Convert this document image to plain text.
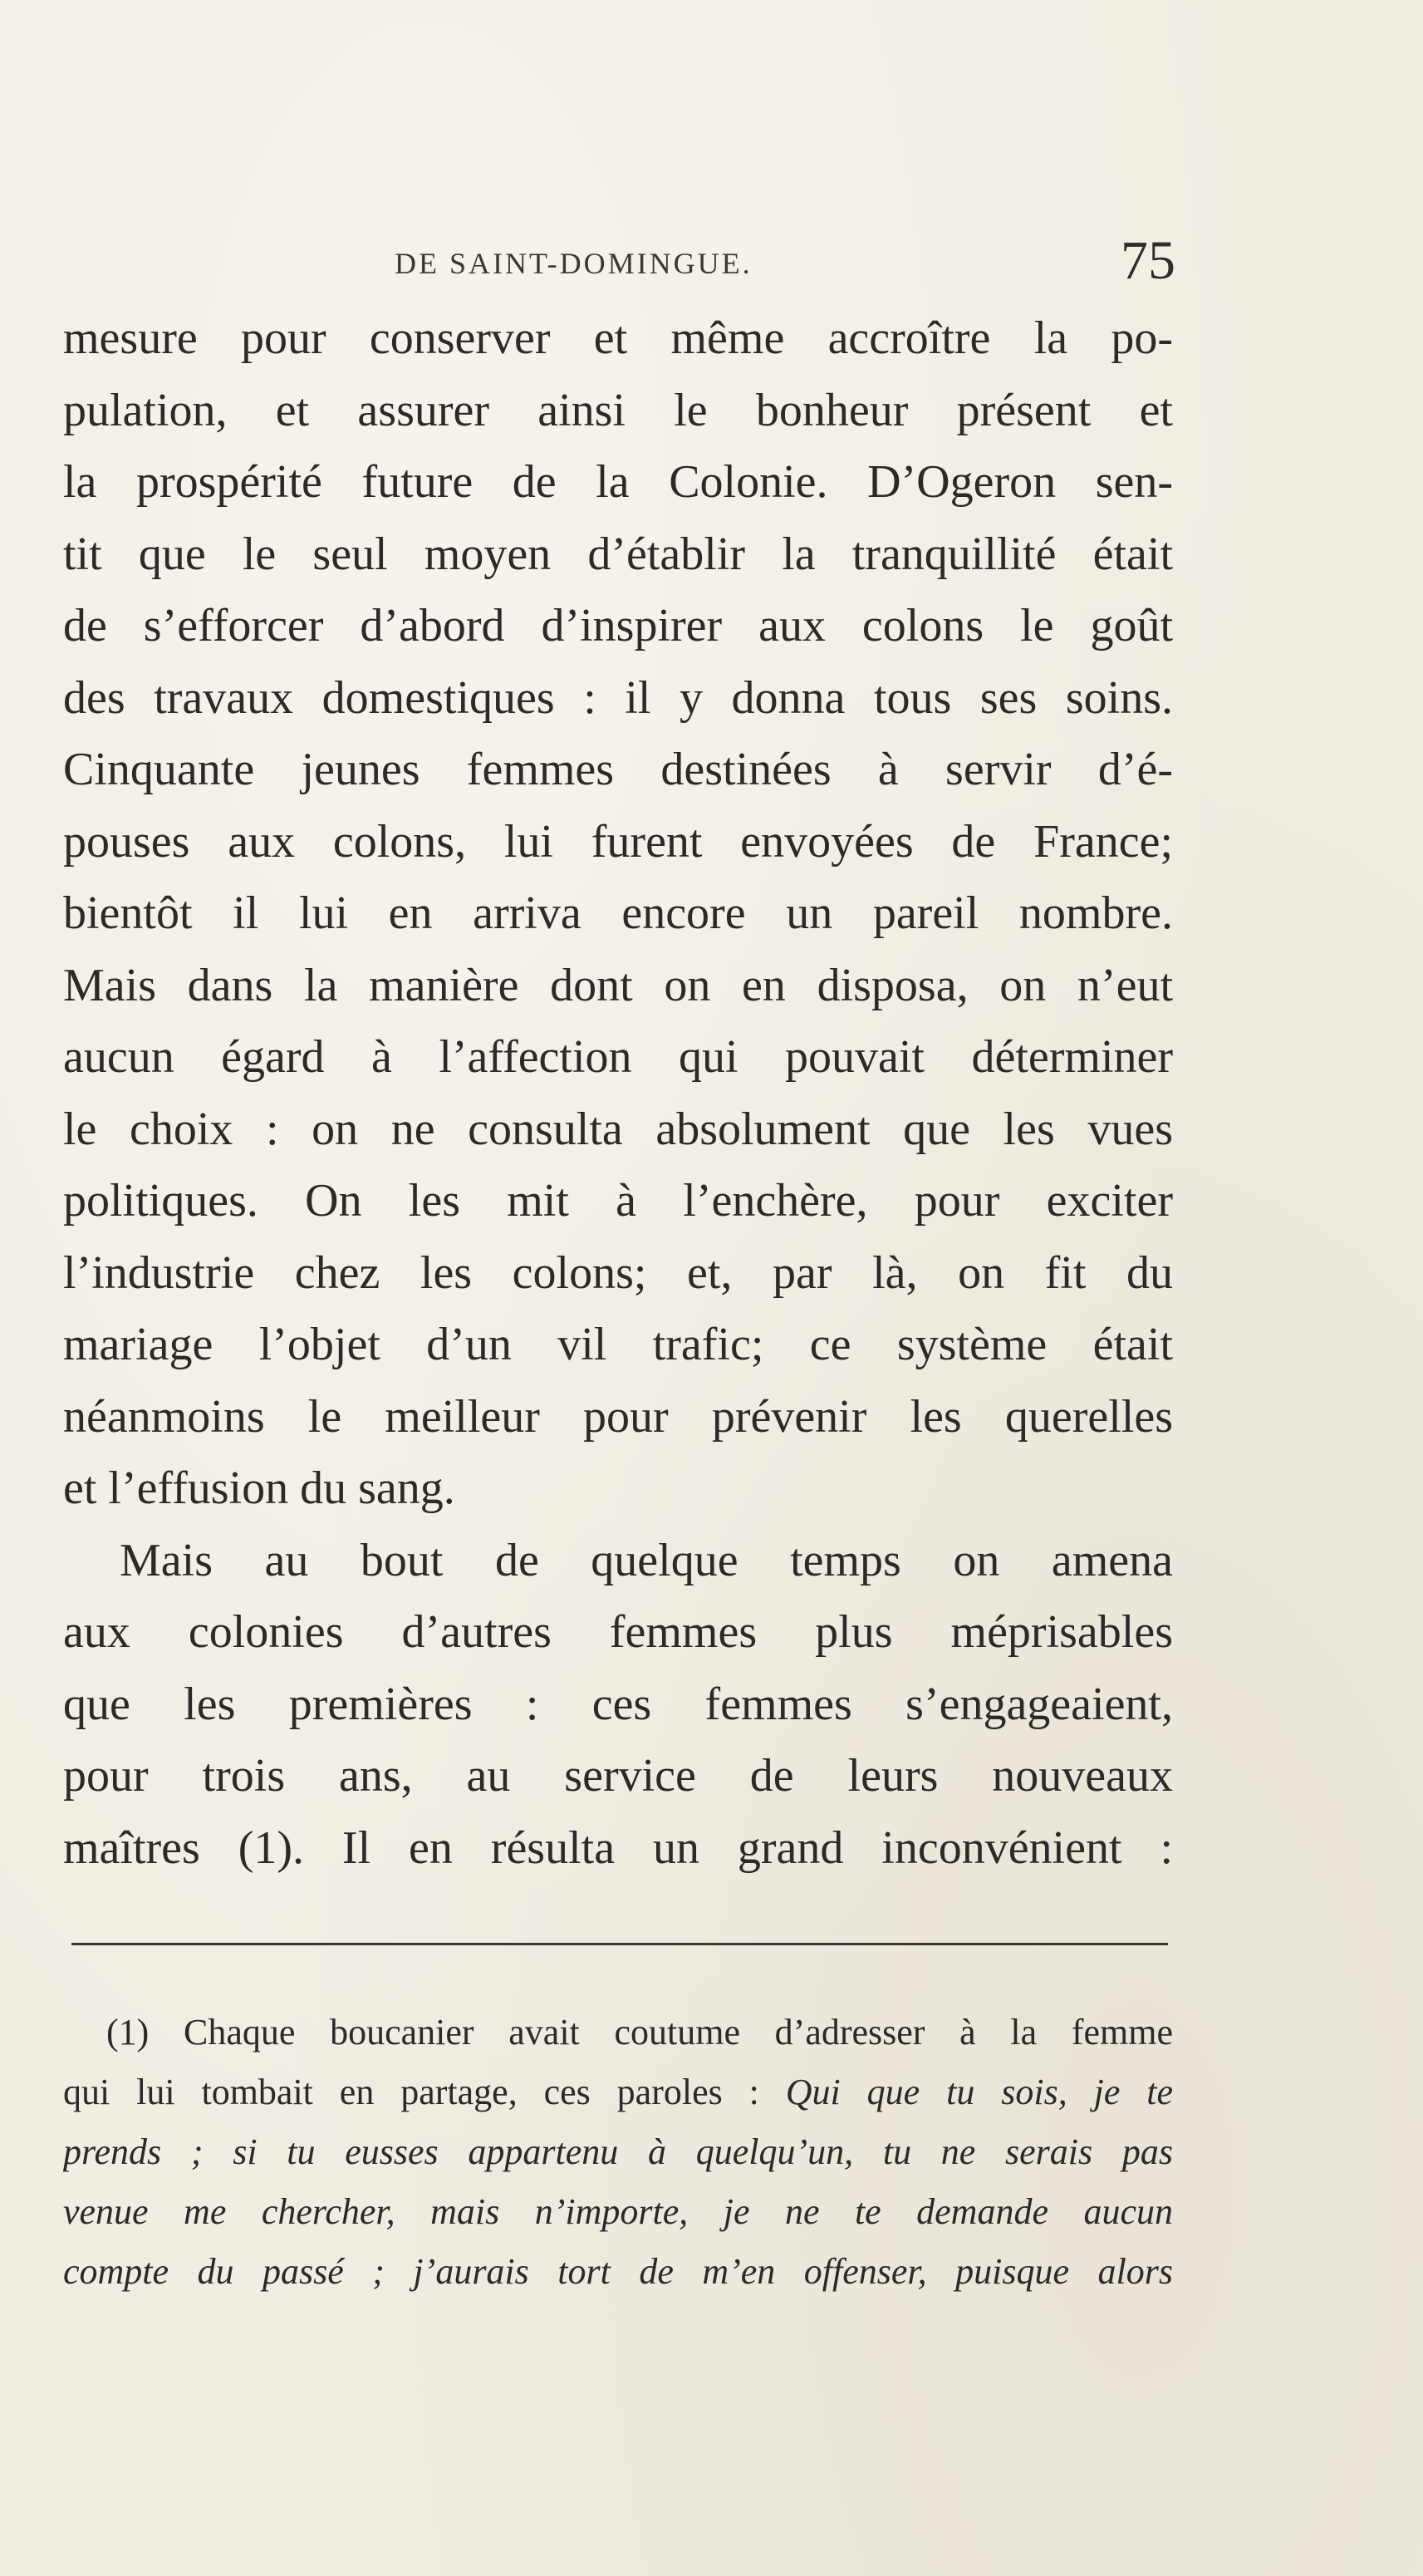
DE SAINT-DOMINGUE.	75
mesure pour conserver et même accroître la po-
pulation, et assurer ainsi le bonheur présent et
la prospérité future de la Colonie. D’Ogeron sen-
tit que le seul moyen d’établir la tranquillité était
de s’efforcer d’abord d’inspirer aux colons le goût
des travaux domestiques : il y donna tous ses soins.
Cinquante jeunes femmes destinées à servir d’é-
pouses aux colons, lui furent envoyées de France;
bientôt il lui en arriva encore un pareil nombre.
Mais dans la manière dont on en disposa, on n’eut
aucun égard à l’affection qui pouvait déterminer
le choix : on ne consulta absolument que les vues
politiques. On les mit à l’enchère, pour exciter
l’industrie chez les colons; et, par là, on fit du
mariage l’objet d’un vil trafic; ce système était
néanmoins le meilleur pour prévenir les querelles
et l’effusion du sang.
Mais au bout de quelque temps on amena
aux colonies d’autres femmes plus méprisables
que les premières : ces femmes s’engageaient,
pour trois ans, au service de leurs nouveaux
maîtres (1). Il en résulta un grand inconvénient :
(1) Chaque boucanier avait coutume d’adresser à la femme
qui lui tombait en partage, ces paroles : Qui que tu sois, je te
prends ; si tu eusses appartenu à quelqu’un, tu ne serais pas
venue me chercher, mais n’importe, je ne te demande aucun
compte du passé ; j’aurais tort de m’en offenser, puisque alors
